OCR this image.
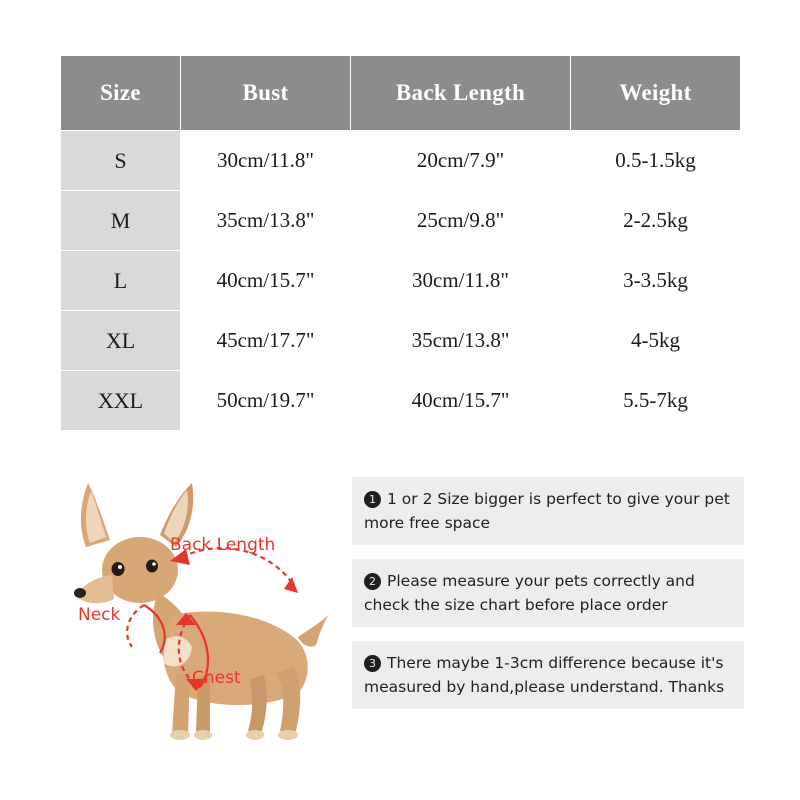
Size	Bust	Back Length	Weight
S	30cm/11.8"	20cm/7.9"	0.5-1.5kg
M	35cm/13.8"	25cm/9.8"	2-2.5kg
L	40cm/15.7"	30cm/11.8"	3-3.5kg
XL	45cm/17.7"	35cm/13.8"	4-5kg
XXL	50cm/19.7"	40cm/15.7"	5.5-7kg
Back Length
Neck
Chest
1 1 or 2 Size bigger is perfect to give your pet more free space
2 Please measure your pets correctly and check the size chart before place order
3 There maybe 1-3cm difference because it's measured by hand,please understand. Thanks
